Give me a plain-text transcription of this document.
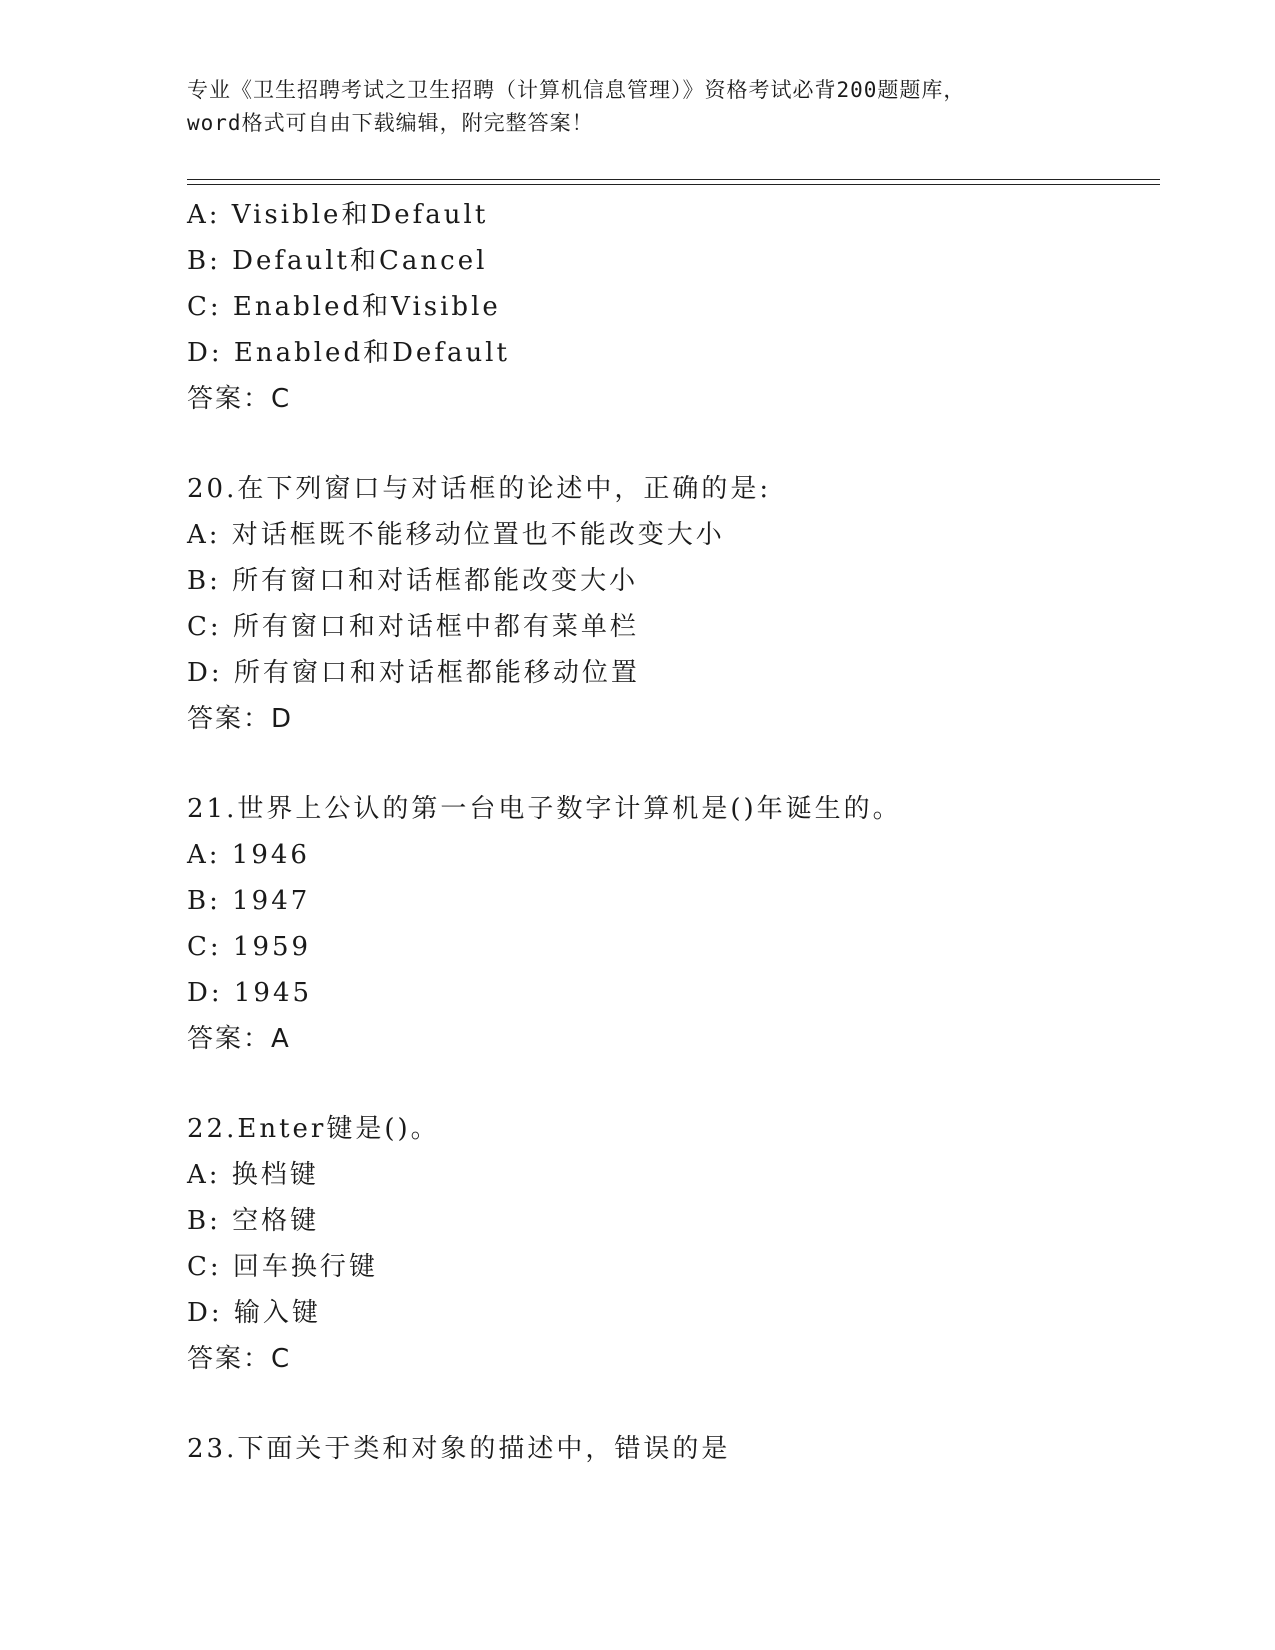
专业《卫生招聘考试之卫生招聘（计算机信息管理）》资格考试必背200题题库，
word格式可自由下载编辑，附完整答案！
A: Visible和Default
B: Default和Cancel
C: Enabled和Visible
D: Enabled和Default
答案：C
20.在下列窗口与对话框的论述中，正确的是:
A: 对话框既不能移动位置也不能改变大小
B: 所有窗口和对话框都能改变大小
C: 所有窗口和对话框中都有菜单栏
D: 所有窗口和对话框都能移动位置
答案：D
21.世界上公认的第一台电子数字计算机是()年诞生的。
A: 1946
B: 1947
C: 1959
D: 1945
答案：A
22.Enter键是()。
A: 换档键
B: 空格键
C: 回车换行键
D: 输入键
答案：C
23.下面关于类和对象的描述中，错误的是
